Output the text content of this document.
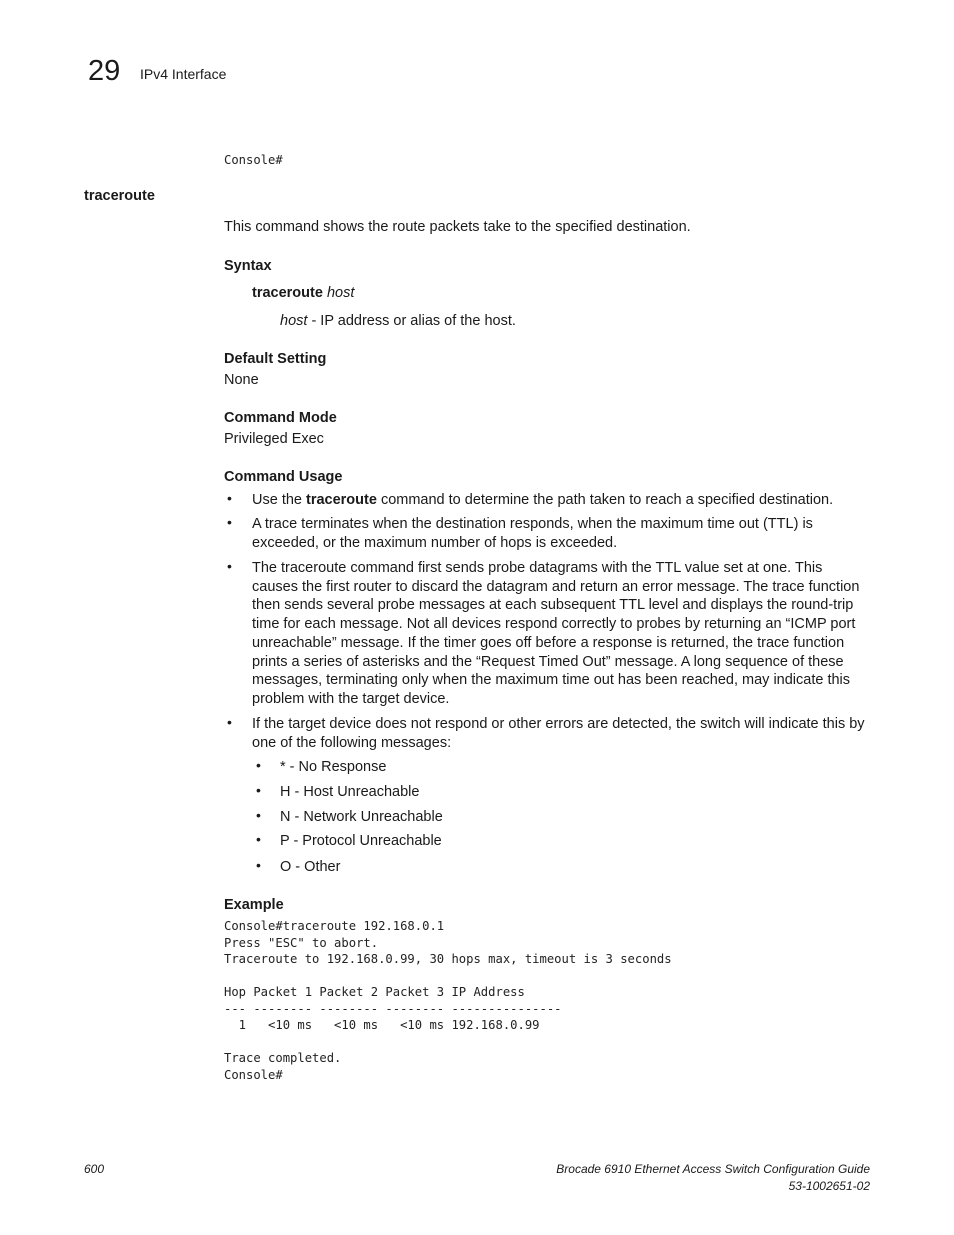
29 IPv4 Interface
Console#
traceroute
This command shows the route packets take to the specified destination.
Syntax
traceroute host
host - IP address or alias of the host.
Default Setting
None
Command Mode
Privileged Exec
Command Usage
• Use the traceroute command to determine the path taken to reach a specified destination.
• A trace terminates when the destination responds, when the maximum time out (TTL) is exceeded, or the maximum number of hops is exceeded.
• The traceroute command first sends probe datagrams with the TTL value set at one. This causes the first router to discard the datagram and return an error message. The trace function then sends several probe messages at each subsequent TTL level and displays the round-trip time for each message. Not all devices respond correctly to probes by returning an “ICMP port unreachable” message. If the timer goes off before a response is returned, the trace function prints a series of asterisks and the “Request Timed Out” message. A long sequence of these messages, terminating only when the maximum time out has been reached, may indicate this problem with the target device.
• If the target device does not respond or other errors are detected, the switch will indicate this by one of the following messages:
• * - No Response
• H - Host Unreachable
• N - Network Unreachable
• P - Protocol Unreachable
• O - Other
Example
Console#traceroute 192.168.0.1
Press "ESC" to abort.
Traceroute to 192.168.0.99, 30 hops max, timeout is 3 seconds

Hop Packet 1 Packet 2 Packet 3 IP Address
--- -------- -------- -------- ---------------
1   <10 ms   <10 ms   <10 ms 192.168.0.99

Trace completed.
Console#
600	Brocade 6910 Ethernet Access Switch Configuration Guide
53-1002651-02
